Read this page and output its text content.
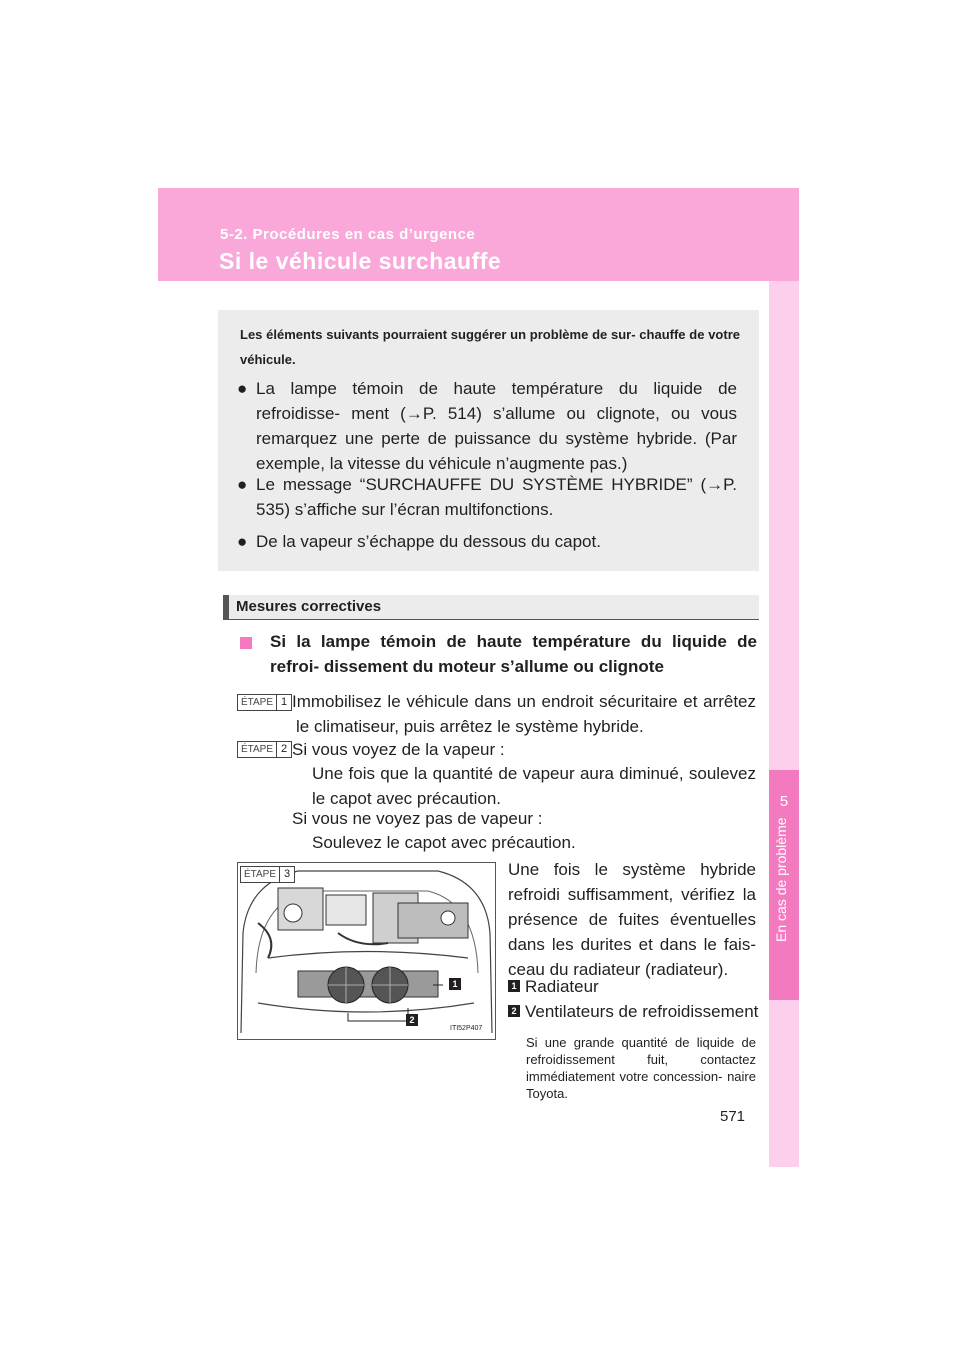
5-2. Procédures en cas d’urgence
Si le véhicule surchauffe
5
En cas de problème
Les éléments suivants pourraient suggérer un problème de sur- chauffe de votre véhicule.
● La lampe témoin de haute température du liquide de refroidisse- ment (→P. 514) s’allume ou clignote, ou vous remarquez une perte de puissance du système hybride. (Par exemple, la vitesse du véhicule n’augmente pas.)
● Le message “SURCHAUFFE DU SYSTÈME HYBRIDE” (→P. 535) s’affiche sur l’écran multifonctions.
● De la vapeur s’échappe du dessous du capot.
Mesures correctives
Si la lampe témoin de haute température du liquide de refroi- dissement du moteur s’allume ou clignote
ÉTAPE 1 Immobilisez le véhicule dans un endroit sécuritaire et arrêtez le climatiseur, puis arrêtez le système hybride.
ÉTAPE 2 Si vous voyez de la vapeur :
Une fois que la quantité de vapeur aura diminué, soulevez le capot avec précaution.
Si vous ne voyez pas de vapeur :
Soulevez le capot avec précaution.
ÉTAPE 3
1
2
ITI52P407
Une fois le système hybride refroidi suffisamment, vérifiez la présence de fuites éventuelles dans les durites et dans le fais- ceau du radiateur (radiateur).
1 Radiateur
2 Ventilateurs de refroidissement
Si une grande quantité de liquide de refroidissement fuit, contactez immédiatement votre concession- naire Toyota.
571
